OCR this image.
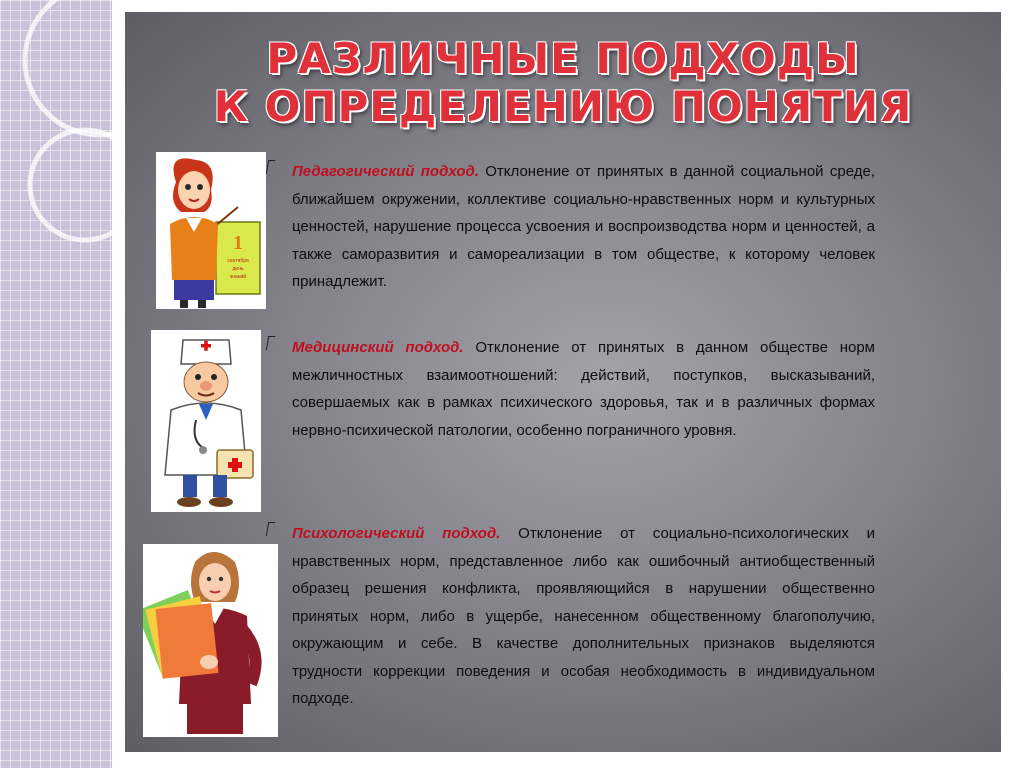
РАЗЛИЧНЫЕ ПОДХОДЫ
К ОПРЕДЕЛЕНИЮ ПОНЯТИЯ
1
сентября
день
знаний
Педагогический подход. Отклонение от принятых в данной социальной среде, ближайшем окружении, коллективе социально-нравственных норм и культурных ценностей, нарушение процесса усвоения и воспроизводства норм и ценностей, а также саморазвития и самореализации в том обществе, к которому человек принадлежит.
Медицинский подход. Отклонение от принятых в данном обществе норм межличностных взаимоотношений: действий, поступков, высказываний, совершаемых как в рамках психического здоровья, так и в различных формах нервно-психической патологии, особенно пограничного уровня.
Психологический подход. Отклонение от социально-психологических и нравственных норм, представленное либо как ошибочный антиобщественный образец решения конфликта, проявляющийся в нарушении общественно принятых норм, либо в ущербе, нанесенном общественному благополучию, окружающим и себе. В качестве дополнительных признаков выделяются трудности коррекции поведения и особая необходимость в индивидуальном подходе.
